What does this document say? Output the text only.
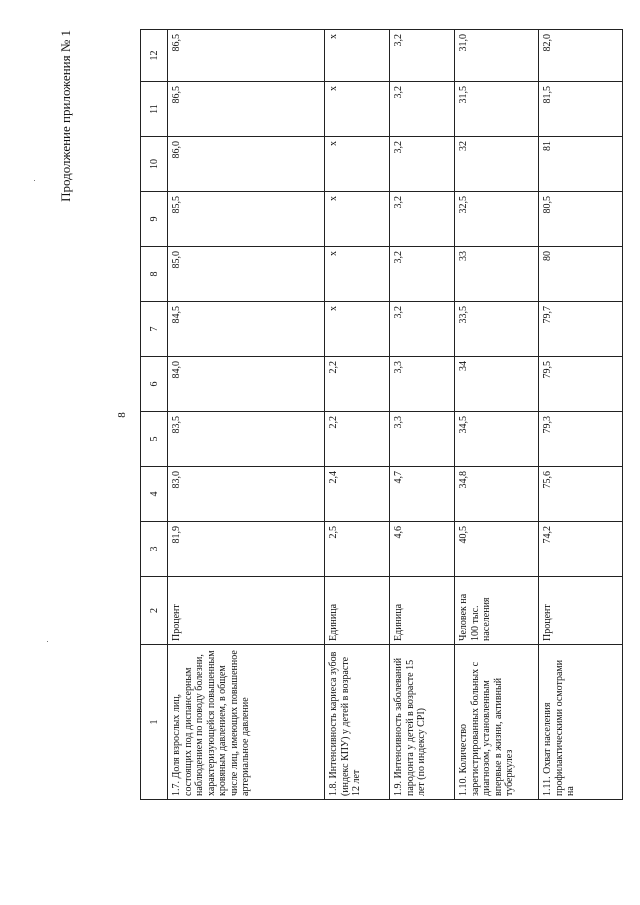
8
Продолжение приложения № 1
1	2	3	4	5	6	7	8	9	10	11	12
1.7. Доля взрослых лиц, состоящих под диспансерным наблюдением по поводу болезни, характеризующейся повышенным кровяным давлением, в общем числе лиц, имеющих повышенное артериальное давление	Процент	81,9	83,0	83,5	84,0	84,5	85,0	85,5	86,0	86,5	86,5
1.8. Интенсивность кариеса зубов (индекс КПУ) у детей в возрасте 12 лет	Единица	2,5	2,4	2,2	2,2	x	x	x	x	x	x
1.9. Интенсивность заболеваний пародонта у детей в возрасте 15 лет (по индексу CPI)	Единица	4,6	4,7	3,3	3,3	3,2	3,2	3,2	3,2	3,2	3,2
1.10. Количество зарегистрированных больных с диагнозом, установленным впервые в жизни, активный туберкулез	Человек на 100 тыс. населения	40,5	34,8	34,5	34	33,5	33	32,5	32	31,5	31,0
1.11. Охват населения профилактическими осмотрами на	Процент	74,2	75,6	79,3	79,5	79,7	80	80,5	81	81,5	82,0
